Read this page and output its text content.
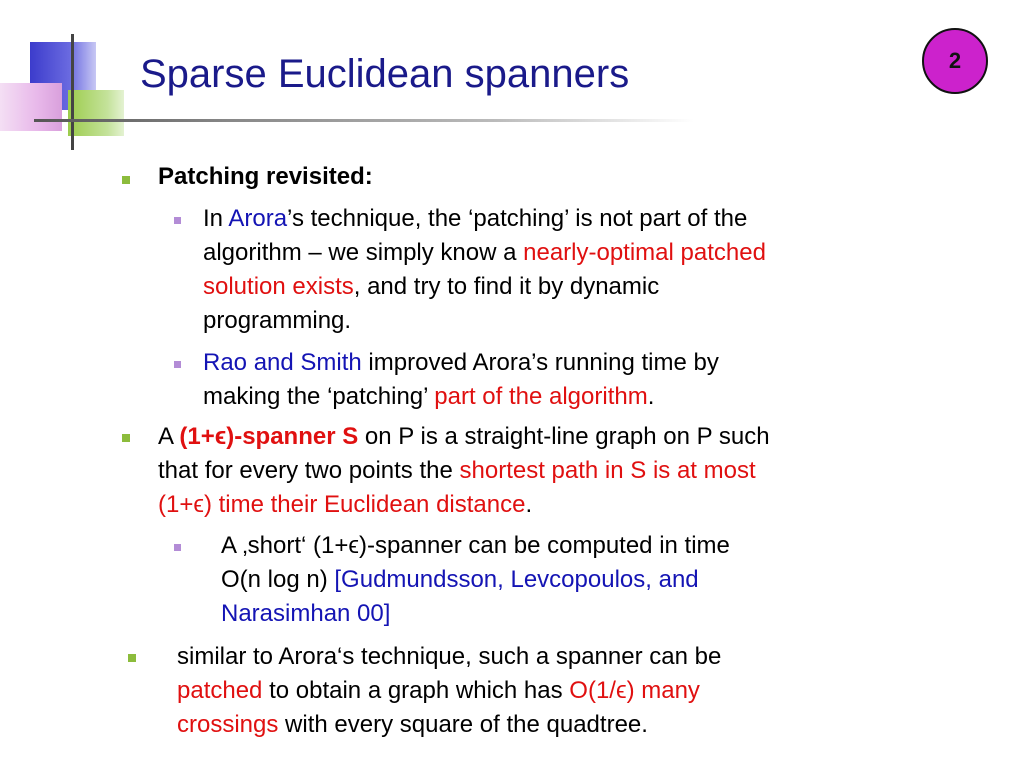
Sparse Euclidean spanners	2
Patching revisited:
In Arora’s technique, the ‘patching’ is not part of the
algorithm – we simply know a nearly-optimal patched
solution exists, and try to find it by dynamic
programming.
Rao and Smith improved Arora’s running time by
making the ‘patching’ part of the algorithm.
A (1+ϵ)-spanner S on P is a straight-line graph on P such
that for every two points the shortest path in S is at most
(1+ϵ) time their Euclidean distance.
A ‚short‘ (1+ϵ)-spanner can be computed in time
O(n log n) [Gudmundsson, Levcopoulos, and
Narasimhan 00]
similar to Arora‘s technique, such a spanner can be
patched to obtain a graph which has O(1/ϵ) many
crossings with every square of the quadtree.
